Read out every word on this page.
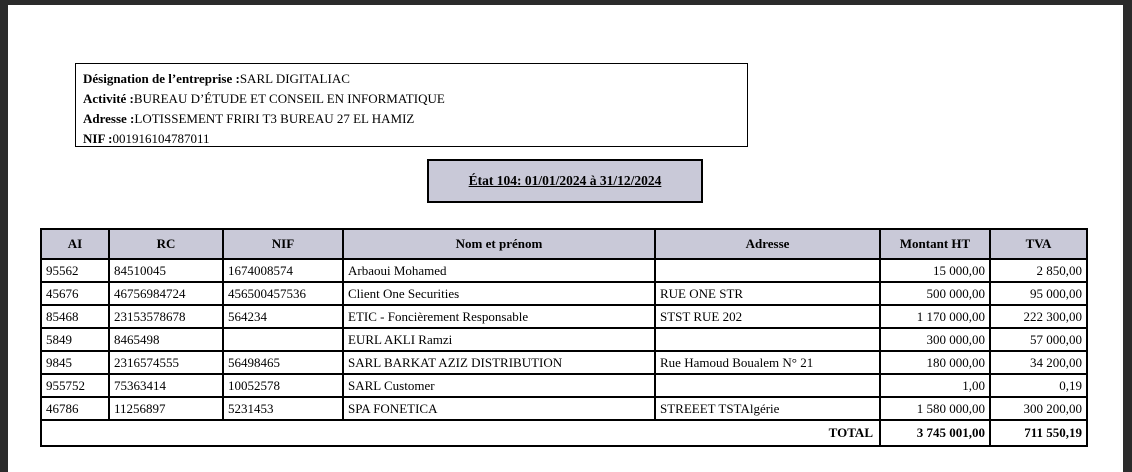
Désignation de l’entreprise :SARL DIGITALIAC
Activité :BUREAU D’ÉTUDE ET CONSEIL EN INFORMATIQUE
Adresse :LOTISSEMENT FRIRI T3 BUREAU 27 EL HAMIZ
NIF :001916104787011
État 104: 01/01/2024 à 31/12/2024
AI	RC	NIF	Nom et prénom	Adresse	Montant HT	TVA
95562	84510045	1674008574	Arbaoui Mohamed		15 000,00	2 850,00
45676	46756984724	456500457536	Client One Securities	RUE ONE STR	500 000,00	95 000,00
85468	23153578678	564234	ETIC - Foncièrement Responsable	STST RUE 202	1 170 000,00	222 300,00
5849	8465498		EURL AKLI Ramzi		300 000,00	57 000,00
9845	2316574555	56498465	SARL BARKAT AZIZ DISTRIBUTION	Rue Hamoud Boualem N° 21	180 000,00	34 200,00
955752	75363414	10052578	SARL Customer		1,00	0,19
46786	11256897	5231453	SPA FONETICA	STREEET TSTAlgérie	1 580 000,00	300 200,00
TOTAL					3 745 001,00	711 550,19
